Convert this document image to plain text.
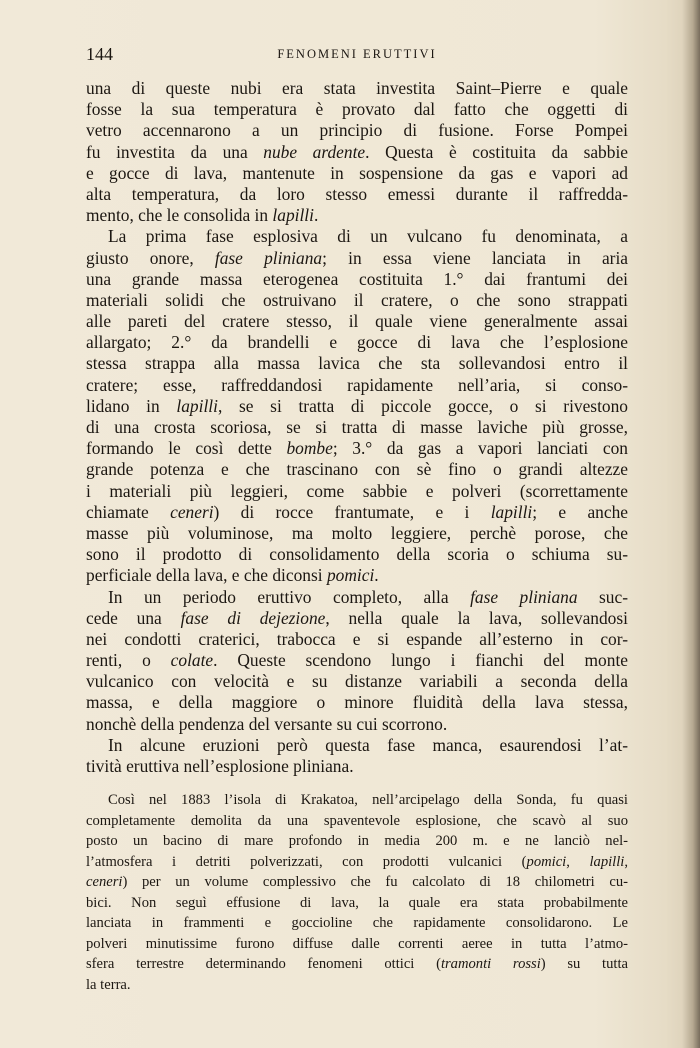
144	FENOMENI ERUTTIVI
una di queste nubi era stata investita Saint–Pierre e quale
fosse la sua temperatura è provato dal fatto che oggetti di
vetro accennarono a un principio di fusione. Forse Pompei
fu investita da una nube ardente. Questa è costituita da sabbie
e gocce di lava, mantenute in sospensione da gas e vapori ad
alta temperatura, da loro stesso emessi durante il raffredda-
mento, che le consolida in lapilli.
La prima fase esplosiva di un vulcano fu denominata, a
giusto onore, fase pliniana; in essa viene lanciata in aria
una grande massa eterogenea costituita 1.° dai frantumi dei
materiali solidi che ostruivano il cratere, o che sono strappati
alle pareti del cratere stesso, il quale viene generalmente assai
allargato; 2.° da brandelli e gocce di lava che l’esplosione
stessa strappa alla massa lavica che sta sollevandosi entro il
cratere; esse, raffreddandosi rapidamente nell’aria, si conso-
lidano in lapilli, se si tratta di piccole gocce, o si rivestono
di una crosta scoriosa, se si tratta di masse laviche più grosse,
formando le così dette bombe; 3.° da gas a vapori lanciati con
grande potenza e che trascinano con sè fino o grandi altezze
i materiali più leggieri, come sabbie e polveri (scorrettamente
chiamate ceneri) di rocce frantumate, e i lapilli; e anche
masse più voluminose, ma molto leggiere, perchè porose, che
sono il prodotto di consolidamento della scoria o schiuma su-
perficiale della lava, e che diconsi pomici.
In un periodo eruttivo completo, alla fase pliniana suc-
cede una fase di dejezione, nella quale la lava, sollevandosi
nei condotti craterici, trabocca e si espande all’esterno in cor-
renti, o colate. Queste scendono lungo i fianchi del monte
vulcanico con velocità e su distanze variabili a seconda della
massa, e della maggiore o minore fluidità della lava stessa,
nonchè della pendenza del versante su cui scorrono.
In alcune eruzioni però questa fase manca, esaurendosi l’at-
tività eruttiva nell’esplosione pliniana.
Così nel 1883 l’isola di Krakatoa, nell’arcipelago della Sonda, fu quasi
completamente demolita da una spaventevole esplosione, che scavò al suo
posto un bacino di mare profondo in media 200 m. e ne lanciò nel-
l’atmosfera i detriti polverizzati, con prodotti vulcanici (pomici, lapilli,
ceneri) per un volume complessivo che fu calcolato di 18 chilometri cu-
bici. Non seguì effusione di lava, la quale era stata probabilmente
lanciata in frammenti e goccioline che rapidamente consolidarono. Le
polveri minutissime furono diffuse dalle correnti aeree in tutta l’atmo-
sfera terrestre determinando fenomeni ottici (tramonti rossi) su tutta
la terra.
